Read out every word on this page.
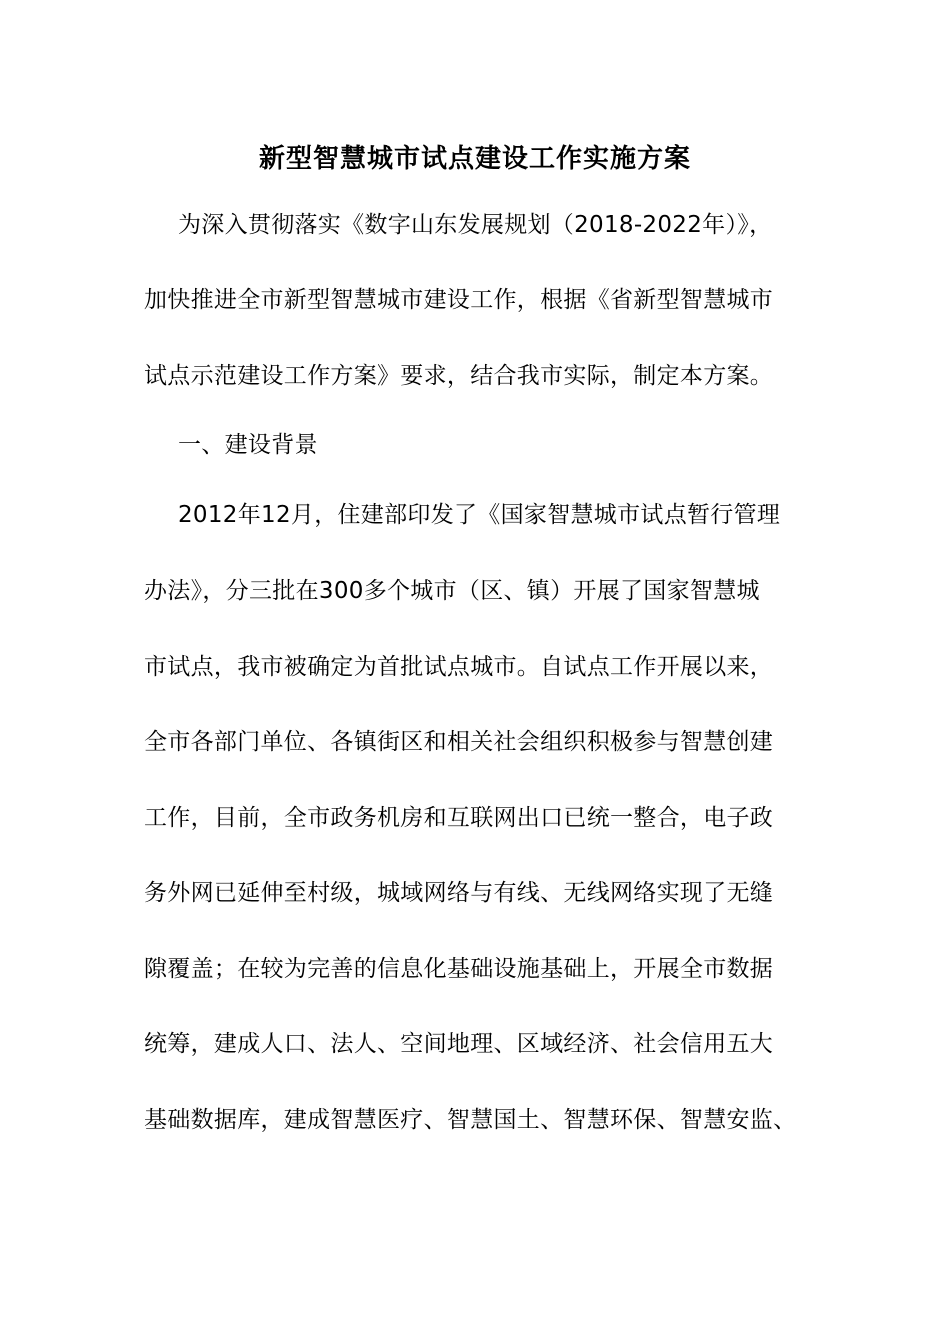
新型智慧城市试点建设工作实施方案
为深入贯彻落实《数字山东发展规划（2018-2022年）》，
加快推进全市新型智慧城市建设工作，根据《省新型智慧城市
试点示范建设工作方案》要求，结合我市实际，制定本方案。
一、建设背景
2012年12月，住建部印发了《国家智慧城市试点暂行管理
办法》，分三批在300多个城市（区、镇）开展了国家智慧城
市试点，我市被确定为首批试点城市。自试点工作开展以来，
全市各部门单位、各镇街区和相关社会组织积极参与智慧创建
工作，目前，全市政务机房和互联网出口已统一整合，电子政
务外网已延伸至村级，城域网络与有线、无线网络实现了无缝
隙覆盖；在较为完善的信息化基础设施基础上，开展全市数据
统筹，建成人口、法人、空间地理、区域经济、社会信用五大
基础数据库，建成智慧医疗、智慧国土、智慧环保、智慧安监、
